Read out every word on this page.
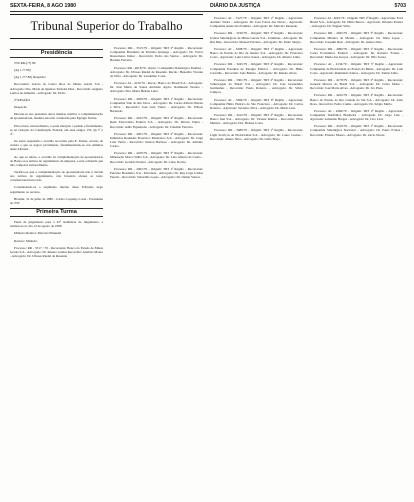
SEXTA-FEIRA, 8 AGO 1980	DIÁRIO DA JUSTIÇA	5703
Presidência
TST-RR-(??) 80
(Ag 1.?? 80)
(Ag 1.??? 80) Despacho
Recorrente: Garcia de Castro Rios do Minas Gerais S/A - Advogado: Dra. Maria de Queiroz Teixeira Dias - Recorrido: Augusto Lemos de Almeida - Advogado: Dr. Pedro
2ª REGIÃO
Despacho
Discute-se nos presentes autos matéria relativa à complementação de aposentadoria, matéria esta não conhecida pela Egrégia Turma.
Em recurso extraordinário, a parte interpõe o pedido e fundamenta-se na violação da Constituição Federal, em seus artigos 153, §§ 3º e 4º.
Os autos respeitam o acórdão recorrido pela E. Turma, recurso de revista a que se negou provimento, fundamentando-se nas súmulas deste tribunal.
Ao que se refere, o acórdão da complementação de aposentadoria do Banco nos termos do regulamento da empresa, e esta a matéria que não comporta extraordinário.
Verifica-se que a complementação de aposentadoria não é devida nos termos do regulamento, não havendo ofensa ao texto constitucional invocado.
Considerando-se o regimento interno deste Tribunal, nego seguimento ao recurso.
Brasília, 31 de julho de 1980 - Carlos Coqueijo Costa - Presidente do TST
Primeira Turma
Pauta de julgamento para a 22ª Audiência de Julgamento, a realizar-se no dia 12 de agosto de 1980.
Ministro Relator: Marcelo Pimentel
Revisor: Ministro
Processo: RR - 3517 / 79 - Recorrente: Banco do Estado de Minas Gerais S/A - Advogado: Dr. Renato Gomes Recorrido: Antônio Moura - Advogado: Dr. Ulisses Riedel de Resende
Processo: RR - 3515/79 - Origem: TRT 2ª Região - Recorrente: Companhia Brasileira de Petróleo Ipiranga - Advogado: Dr. Victor Russomano Júnior - Recorrido: Pedro dos Santos - Advogado: Dr. Hermes Ferreira.
Processo: RR - 4018/79 - Recte.: Companhia Siderúrgica Paulista - Advogado: Dr. Ulisses Riedel de Resende. Recdo.: Benedito Vicente da Silva - Advogado: Dr. Laudelino Costa.
Processo: AI - 4132/79 - Recte.: Banco do Brasil S/A - Advogado: Dr. José Maria de Souza Andrade. Agdo.: Raimundo Nonato - Advogado: Dra. Maria Helena Leite.
Processo: RR - 4056/79 - Origem: TRT 1ª Região - Recorrente: Companhia Vale do Rio Doce - Advogado: Dr. Carlos Alberto Barata e Silva - Recorrido: José Luiz Vieira - Advogado: Dr. Wilson Bernardo.
Processo: RR - 4102/79 - Origem: TRT 4ª Região - Recorrente: Rede Ferroviária Federal S/A - Advogado: Dr. Dirceu Vieira - Recorrido: Adão Figueiredo - Advogado: Dr. Cândido Ferreira.
Processo: RR - 4201/79 - Origem: TRT 2ª Região - Recorrente: Indústrias Reunidas Francisco Matarazzo S/A - Advogado: Dr. Jorge Luiz Vieira - Recorrido: Nelson Barbosa - Advogado: Dr. Antônio Carlos.
Processo: RR - 4250/79 - Origem: TRT 3ª Região - Recorrente: Mineração Morro Velho S/A - Advogado: Dr. Lino Alberto de Castro - Recorrido: Geraldo Pereira - Advogado: Dr. Celso Rocha.
Processo: RR - 4302/79 - Origem: TRT 1ª Região - Recorrente: Petróleo Brasileiro S/A - Petrobrás - Advogado: Dr. Ruy Jorge Caldas Pereira - Recorrido: Sebastião Lopes - Advogado: Dr. Osmar Santos.
Processo: AI - 3127/79 - Origem: TRT 2ª Região - Agravante: Antônio Vieira - Advogado: Dr. José Torres das Neves - Agravado: Companhia Antarctica Paulista - Advogado: Dr. Marcelo Rezende.
Processo: RR - 3190/79 - Origem: TRT 3ª Região - Recorrente: Usinas Siderúrgicas de Minas Gerais S/A - Usiminas - Advogado: Dr. Rui Dias - Recorrido: Manoel Ferreira - Advogado: Dr. Paulo Sérgio.
Processo: AI - 3208/79 - Origem: TRT 1ª Região - Agravante: Banco do Estado do Rio de Janeiro S/A - Advogado: Dr. Francisco Costa - Agravado: Luiz Carlos Souza - Advogado: Dr. Alberto Lima.
Processo: RR - 3245/79 - Origem: TRT 4ª Região - Recorrente: Companhia Estadual de Energia Elétrica - Advogado: Dr. Hélio Carvalho - Recorrido: João Batista - Advogado: Dr. Renato Alves.
Processo: RR - 3301/79 - Origem: TRT 2ª Região - Recorrente: Volkswagen do Brasil S/A - Advogado: Dr. José Granadeiro Guimarães - Recorrido: Paulo Roberto - Advogado: Dr. Silvio Campos.
Processo: AI - 3366/79 - Origem: TRT 6ª Região - Agravante: Companhia Hidro Elétrica do São Francisco - Advogado: Dr. Carlos Roberto - Agravado: Severino Silva - Advogado: Dr. Mário Lins.
Processo: RR - 3412/79 - Origem: TRT 2ª Região - Recorrente: Banco Itaú S/A - Advogado: Dr. Vicente Ramos - Recorrido: Elisa Martins - Advogado: Dra. Helena Costa.
Processo: RR - 3480/79 - Origem: TRT 1ª Região - Recorrente: Light Serviços de Eletricidade S/A - Advogado: Dr. Lauro Gomes - Recorrido: Amaro Silva - Advogado: Dr. Célio Borja.
Processo: AI - 4001/79 - Origem: TRT 2ª Região - Agravante: Ford Brasil S/A - Advogado: Dr. Hélio Barros - Agravado: Orlando Pereira - Advogado: Dr. Wagner Silva.
Processo: RR - 4045/79 - Origem: TRT 3ª Região - Recorrente: Companhia Mineira de Metais - Advogado: Dr. Ildeu Lopes - Recorrido: Joaquim Reis - Advogado: Dr. Antero Dias.
Processo: RR - 4090/79 - Origem: TRT 1ª Região - Recorrente: Caixa Econômica Federal - Advogado: Dr. Roberto Fontes - Recorrido: Maria das Graças - Advogado: Dr. Nilo Souza.
Processo: AI - 4134/79 - Origem: TRT 5ª Região - Agravante: Companhia de Eletricidade do Estado da Bahia - Advogado: Dr. Luiz Costa - Agravado: Raimundo Santos - Advogado: Dr. Tomás Lima.
Processo: RR - 4178/79 - Origem: TRT 2ª Região - Recorrente: General Motors do Brasil S/A - Advogado: Dr. Celso Motta - Recorrido: José Maria Alves - Advogado: Dr. Ivo Pires.
Processo: RR - 4222/79 - Origem: TRT 4ª Região - Recorrente: Banco do Estado do Rio Grande do Sul S/A - Advogado: Dr. Aldo Rosa - Recorrido: Pedro Cunha - Advogado: Dr. Sérgio Mello.
Processo: AI - 4266/79 - Origem: TRT 2ª Região - Agravante: Companhia Telefônica Brasileira - Advogado: Dr. Jorge Lins - Agravado: Armando Borges - Advogado: Dr. Ciro Leal.
Processo: RR - 4310/79 - Origem: TRT 1ª Região - Recorrente: Companhia Siderúrgica Nacional - Advogado: Dr. Paulo Fontes - Recorrido: Ernesto Moura - Advogado: Dr. Lúcio Neves.
Tribunal Superior do Trabalho
